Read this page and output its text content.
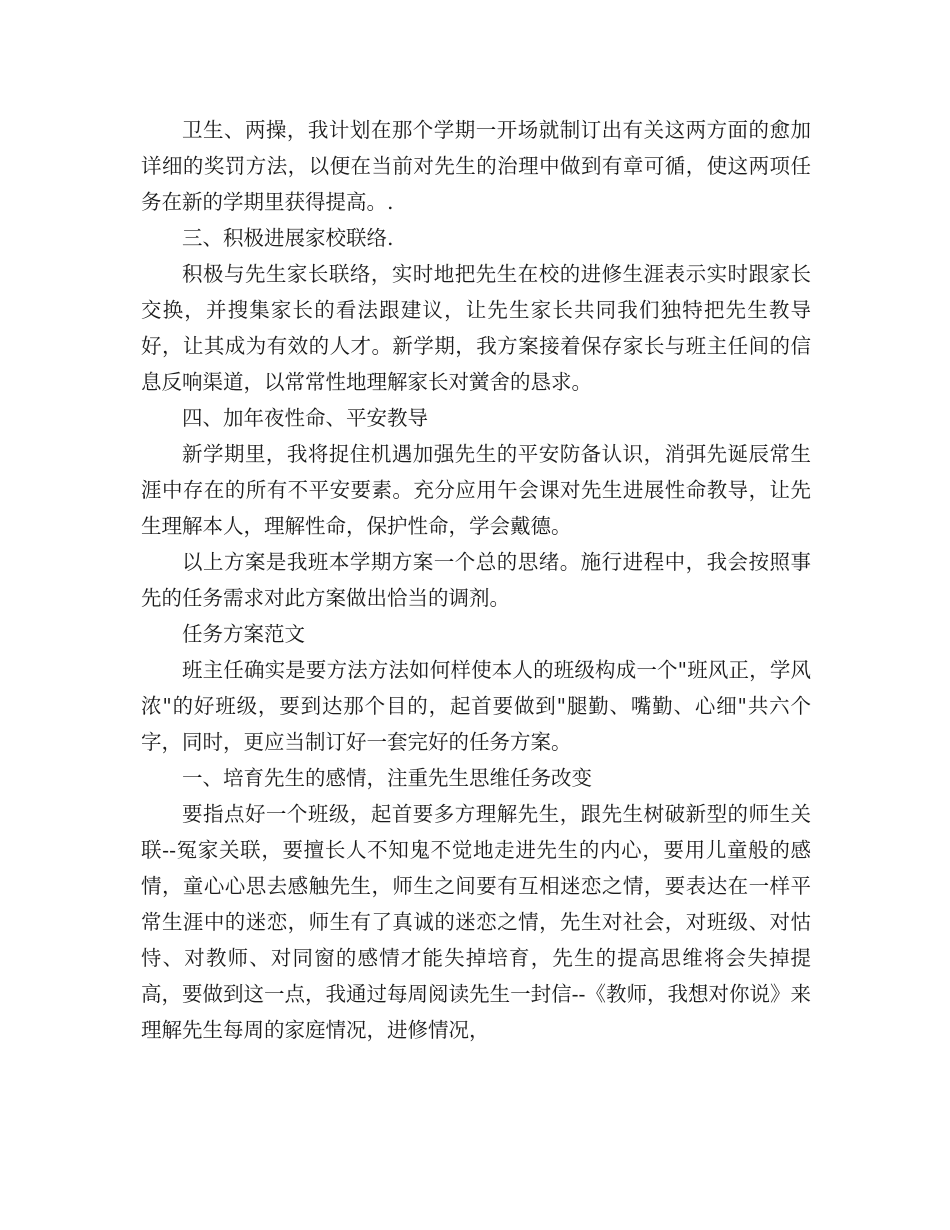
卫生、两操，我计划在那个学期一开场就制订出有关这两方面的愈加详细的奖罚方法，以便在当前对先生的治理中做到有章可循，使这两项任务在新的学期里获得提高。.

三、积极进展家校联络.

积极与先生家长联络，实时地把先生在校的进修生涯表示实时跟家长交换，并搜集家长的看法跟建议，让先生家长共同我们独特把先生教导好，让其成为有效的人才。新学期，我方案接着保存家长与班主任间的信息反响渠道，以常常性地理解家长对黉舍的恳求。

四、加年夜性命、平安教导

新学期里，我将捉住机遇加强先生的平安防备认识，消弭先诞辰常生涯中存在的所有不平安要素。充分应用午会课对先生进展性命教导，让先生理解本人，理解性命，保护性命，学会戴德。

以上方案是我班本学期方案一个总的思绪。施行进程中，我会按照事先的任务需求对此方案做出恰当的调剂。

任务方案范文

班主任确实是要方法方法如何样使本人的班级构成一个"班风正，学风浓"的好班级，要到达那个目的，起首要做到"腿勤、嘴勤、心细"共六个字，同时，更应当制订好一套完好的任务方案。

一、培育先生的感情，注重先生思维任务改变

要指点好一个班级，起首要多方理解先生，跟先生树破新型的师生关联--冤家关联，要擅长人不知鬼不觉地走进先生的内心，要用儿童般的感情，童心心思去感触先生，师生之间要有互相迷恋之情，要表达在一样平常生涯中的迷恋，师生有了真诚的迷恋之情，先生对社会，对班级、对怙恃、对教师、对同窗的感情才能失掉培育，先生的提高思维将会失掉提高，要做到这一点，我通过每周阅读先生一封信--《教师，我想对你说》来理解先生每周的家庭情况，进修情况，
